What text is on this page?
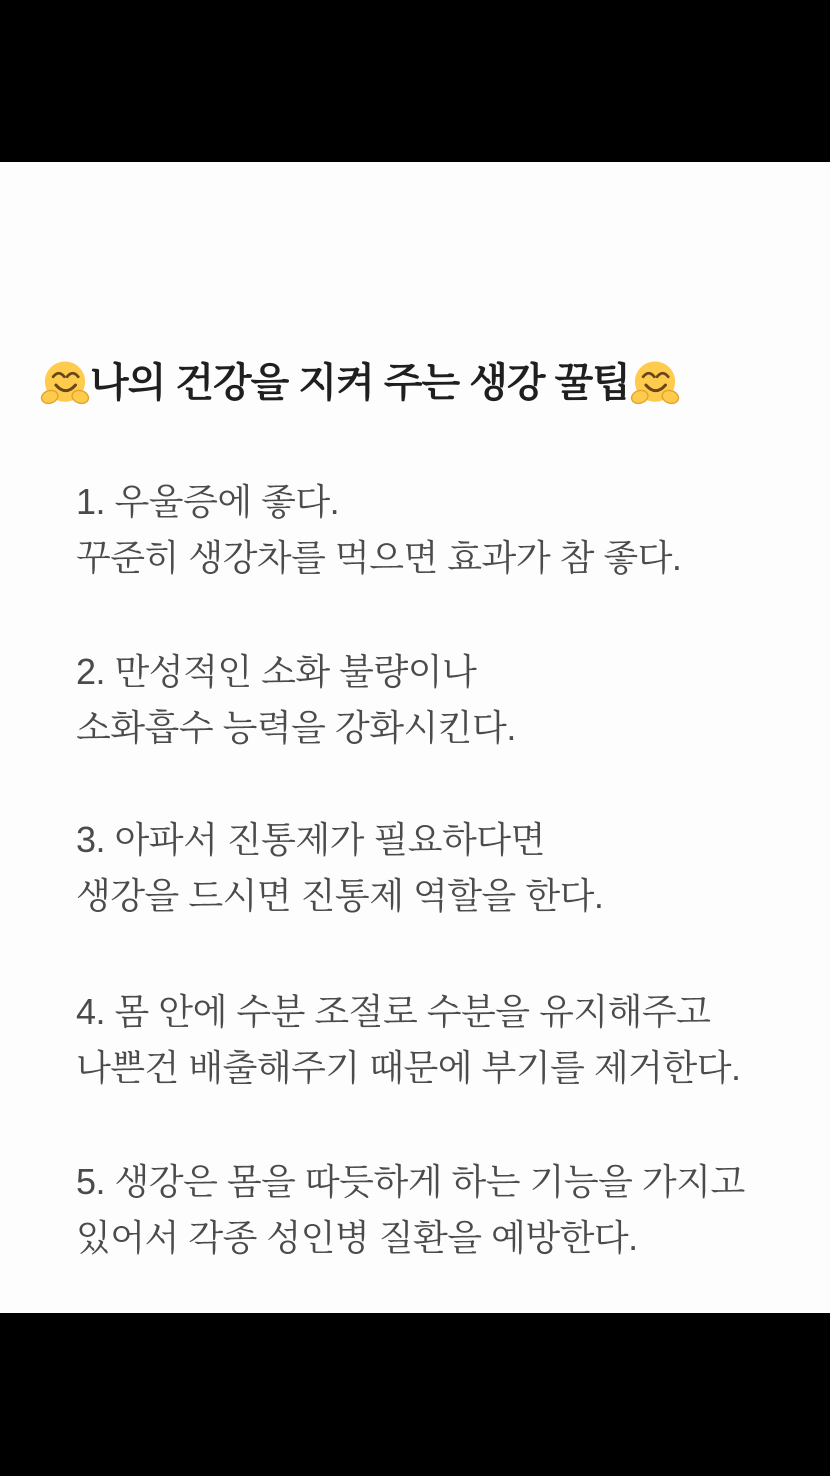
나의 건강을 지켜 주는 생강 꿀팁
1. 우울증에 좋다.
꾸준히 생강차를 먹으면 효과가 참 좋다.
2. 만성적인 소화 불량이나
소화흡수 능력을 강화시킨다.
3. 아파서 진통제가 필요하다면
생강을 드시면 진통제 역할을 한다.
4. 몸 안에 수분 조절로 수분을 유지해주고
나쁜건 배출해주기 때문에 부기를 제거한다.
5. 생강은 몸을 따듯하게 하는 기능을 가지고
있어서 각종 성인병 질환을 예방한다.
